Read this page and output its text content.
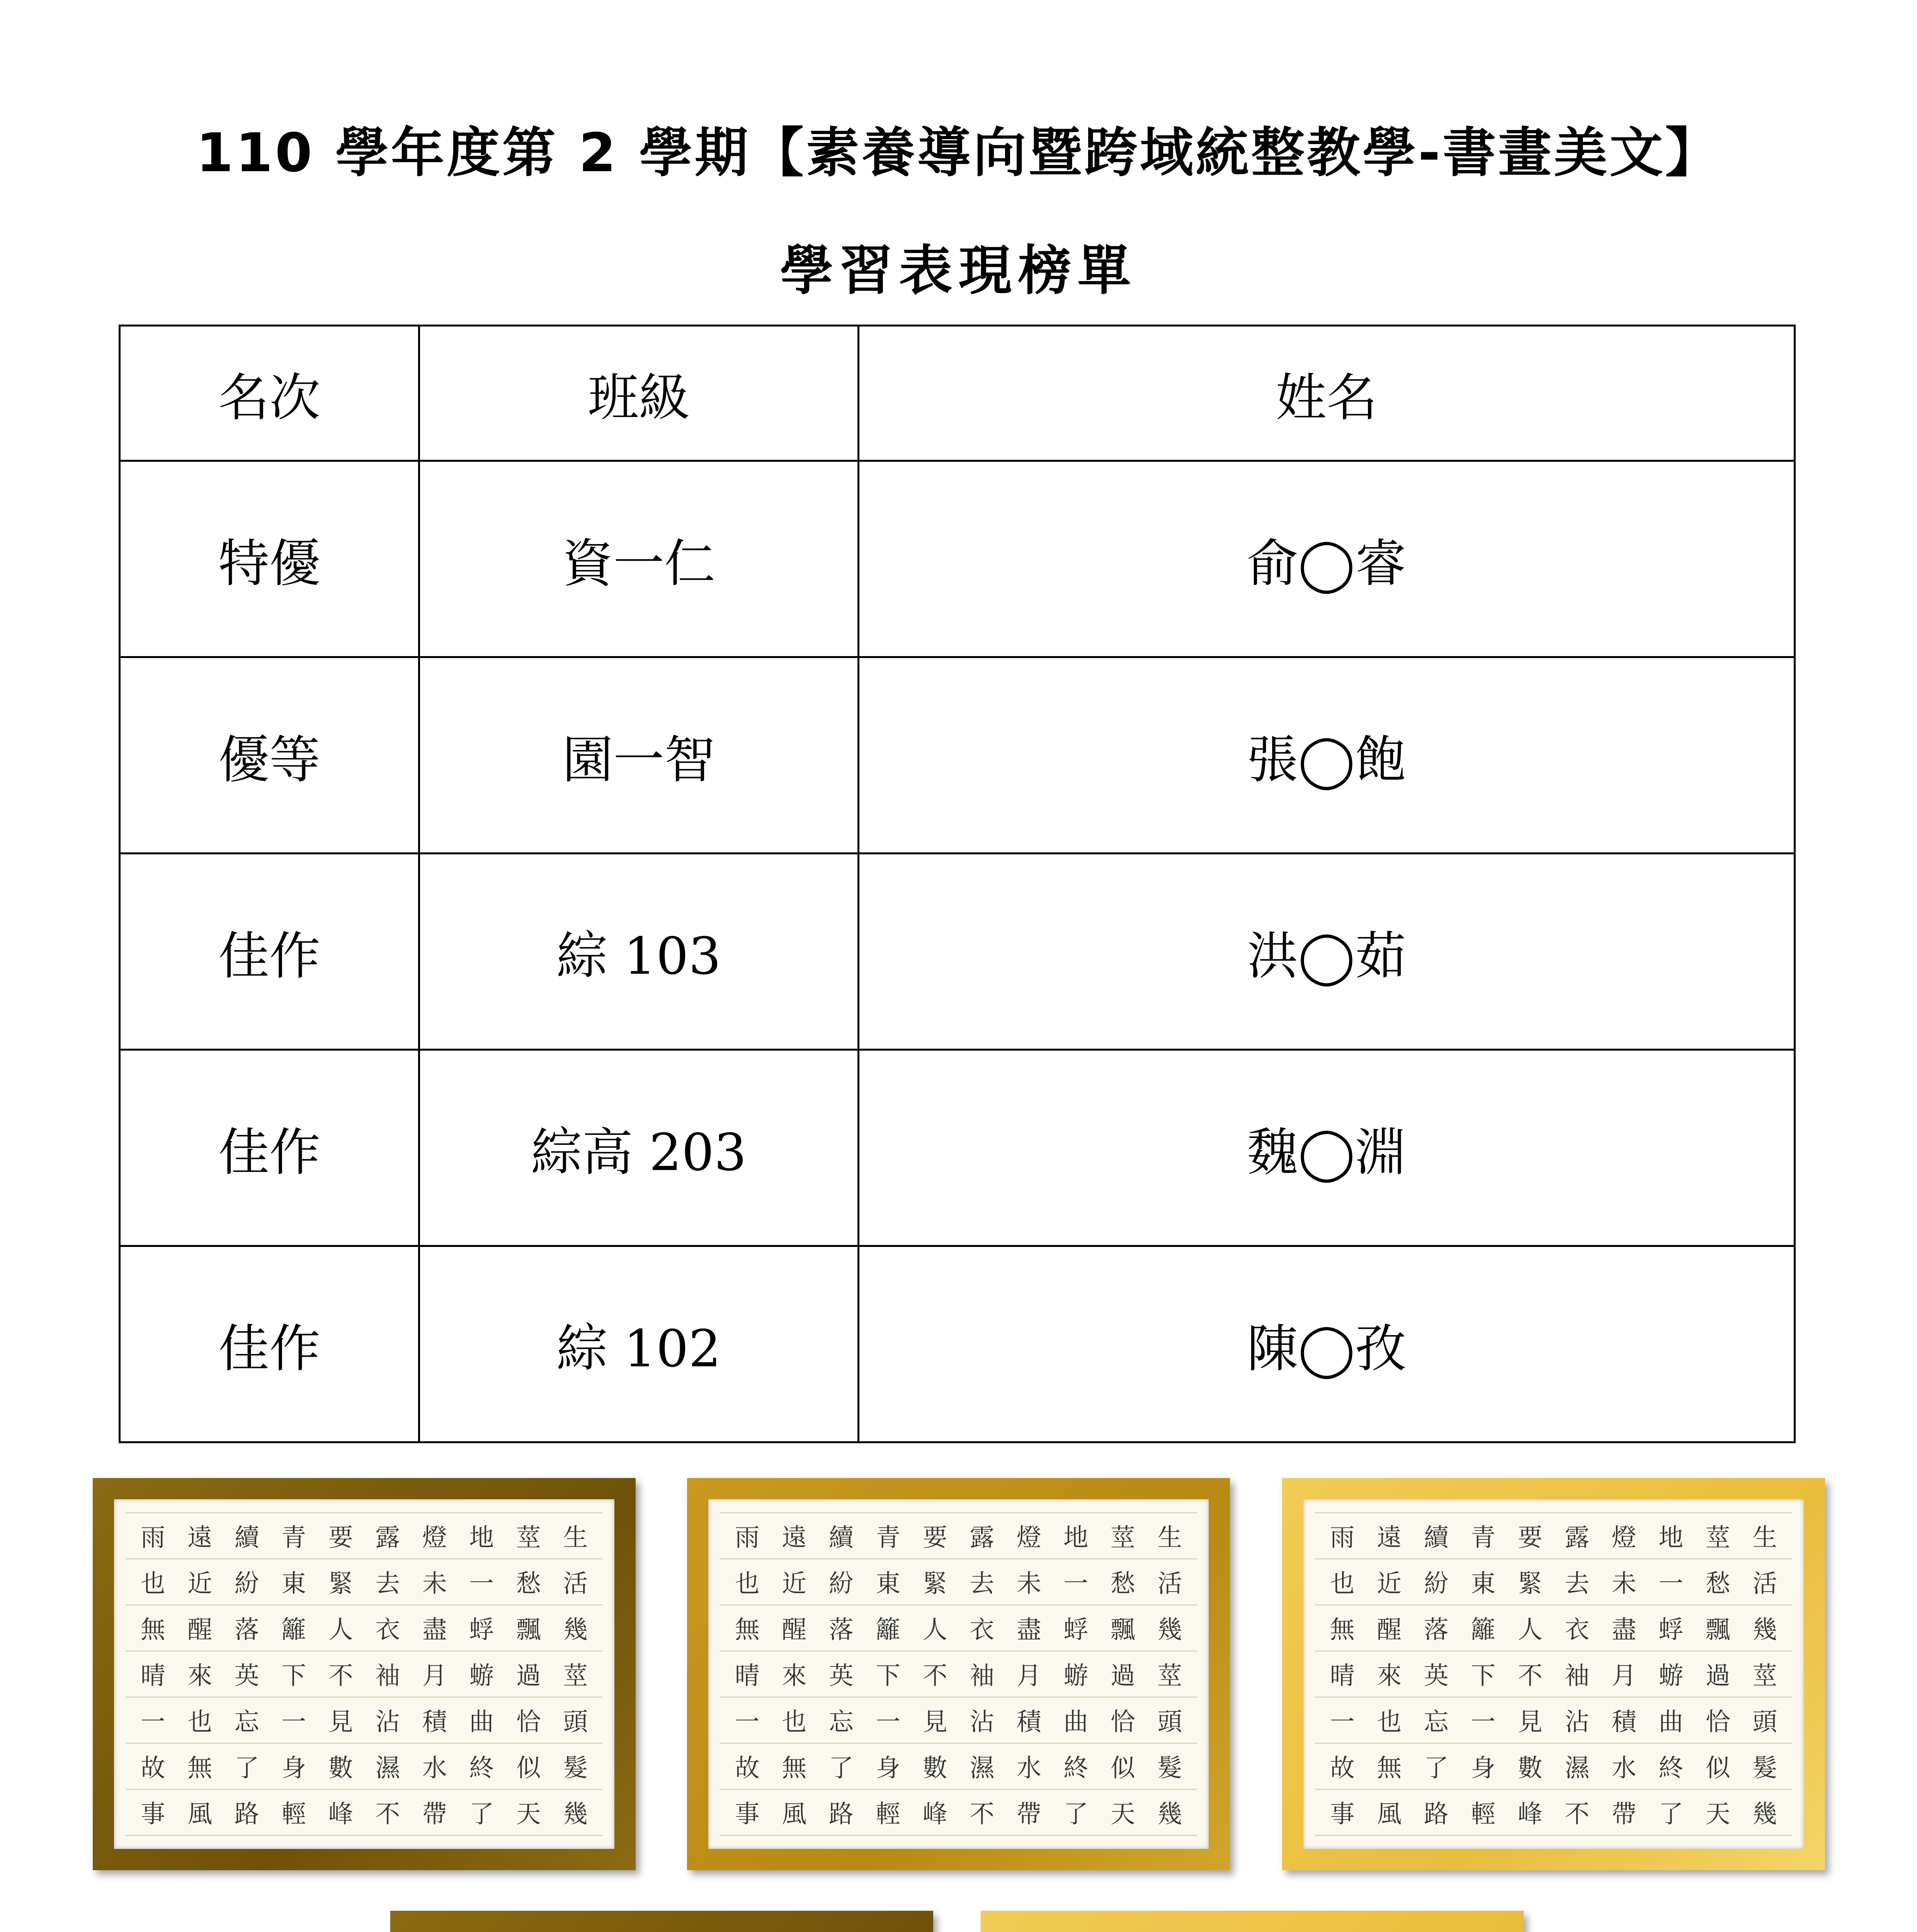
110 學年度第 2 學期【素養導向暨跨域統整教學-書畫美文】
學習表現榜單
名次	班級	姓名
特優	資一仁	俞◯睿
優等	園一智	張◯飽
佳作	綜 103	洪◯茹
佳作	綜高 203	魏◯淵
佳作	綜 102	陳◯孜
雨
也
無
晴
一
故
事
遠
近
醒
來
也
無
風
續
紛
落
英
忘
了
路
青
東
籬
下
一
身
輕
要
緊
人
不
見
數
峰
露
去
衣
袖
沾
濕
不
燈
未
盡
月
積
水
帶
地
一
蜉
蝣
曲
終
了
莖
愁
飄
過
恰
似
天
生
活
幾
莖
頭
髮
幾
雨
也
無
晴
一
故
事
遠
近
醒
來
也
無
風
續
紛
落
英
忘
了
路
青
東
籬
下
一
身
輕
要
緊
人
不
見
數
峰
露
去
衣
袖
沾
濕
不
燈
未
盡
月
積
水
帶
地
一
蜉
蝣
曲
終
了
莖
愁
飄
過
恰
似
天
生
活
幾
莖
頭
髮
幾
雨
也
無
晴
一
故
事
遠
近
醒
來
也
無
風
續
紛
落
英
忘
了
路
青
東
籬
下
一
身
輕
要
緊
人
不
見
數
峰
露
去
衣
袖
沾
濕
不
燈
未
盡
月
積
水
帶
地
一
蜉
蝣
曲
終
了
莖
愁
飄
過
恰
似
天
生
活
幾
莖
頭
髮
幾
